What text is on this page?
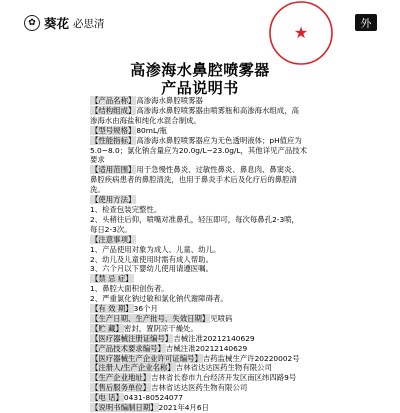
✿ 葵花 必思清	★	外
高渗海水鼻腔喷雾器
产品说明书
【产品名称】高渗海水鼻腔喷雾器
【结构组成】高渗海水鼻腔喷雾器由喷雾瓶和高渗海水组成，高
渗海水由海盐和纯化水混合制成。
【型号规格】80mL/瓶
【性能指标】高渗海水鼻腔喷雾器应为无色透明液体；pH值应为
5.0~8.0；氯化钠含量应为20.0g/L~23.0g/L，其他详见产品技术
要求
【适用范围】用于急慢性鼻炎、过敏性鼻炎、鼻息肉、鼻窦炎、
鼻腔疾病患者的鼻腔清洗，也用于鼻炎手术后及化疗后的鼻腔清
洗。
【使用方法】
1、检查包装完整性。
2、头稍往后仰，喷嘴对准鼻孔，轻压即可，每次每鼻孔2-3喷，
每日2-3次。
【注意事项】
1、产品使用对象为成人、儿童、幼儿。
2、幼儿及儿童使用时需有成人帮助。
3、六个月以下婴幼儿使用请遵医嘱。
【禁 忌 症】
1、鼻腔大面积创伤者。
2、严重氯化钠过敏和氯化钠代谢障碍者。
【有 效 期】36个月
【生产日期、生产批号、失效日期】见喷码
【贮 藏】密封，置阴凉干燥处。
【医疗器械注册证编号】吉械注准20212140629
【产品技术要求编号】吉械注准20212140629
【医疗器械生产企业许可证编号】吉药监械生产许20220002号
【注册人/生产企业名称】吉林省达达医药生物有限公司
【生产企业地址】吉林省长春市九台经济开发区南区纬四路9号
【售后服务单位】吉林省达达医药生物有限公司
【电 话】0431-80524077
【说明书编制日期】2021年4月6日
